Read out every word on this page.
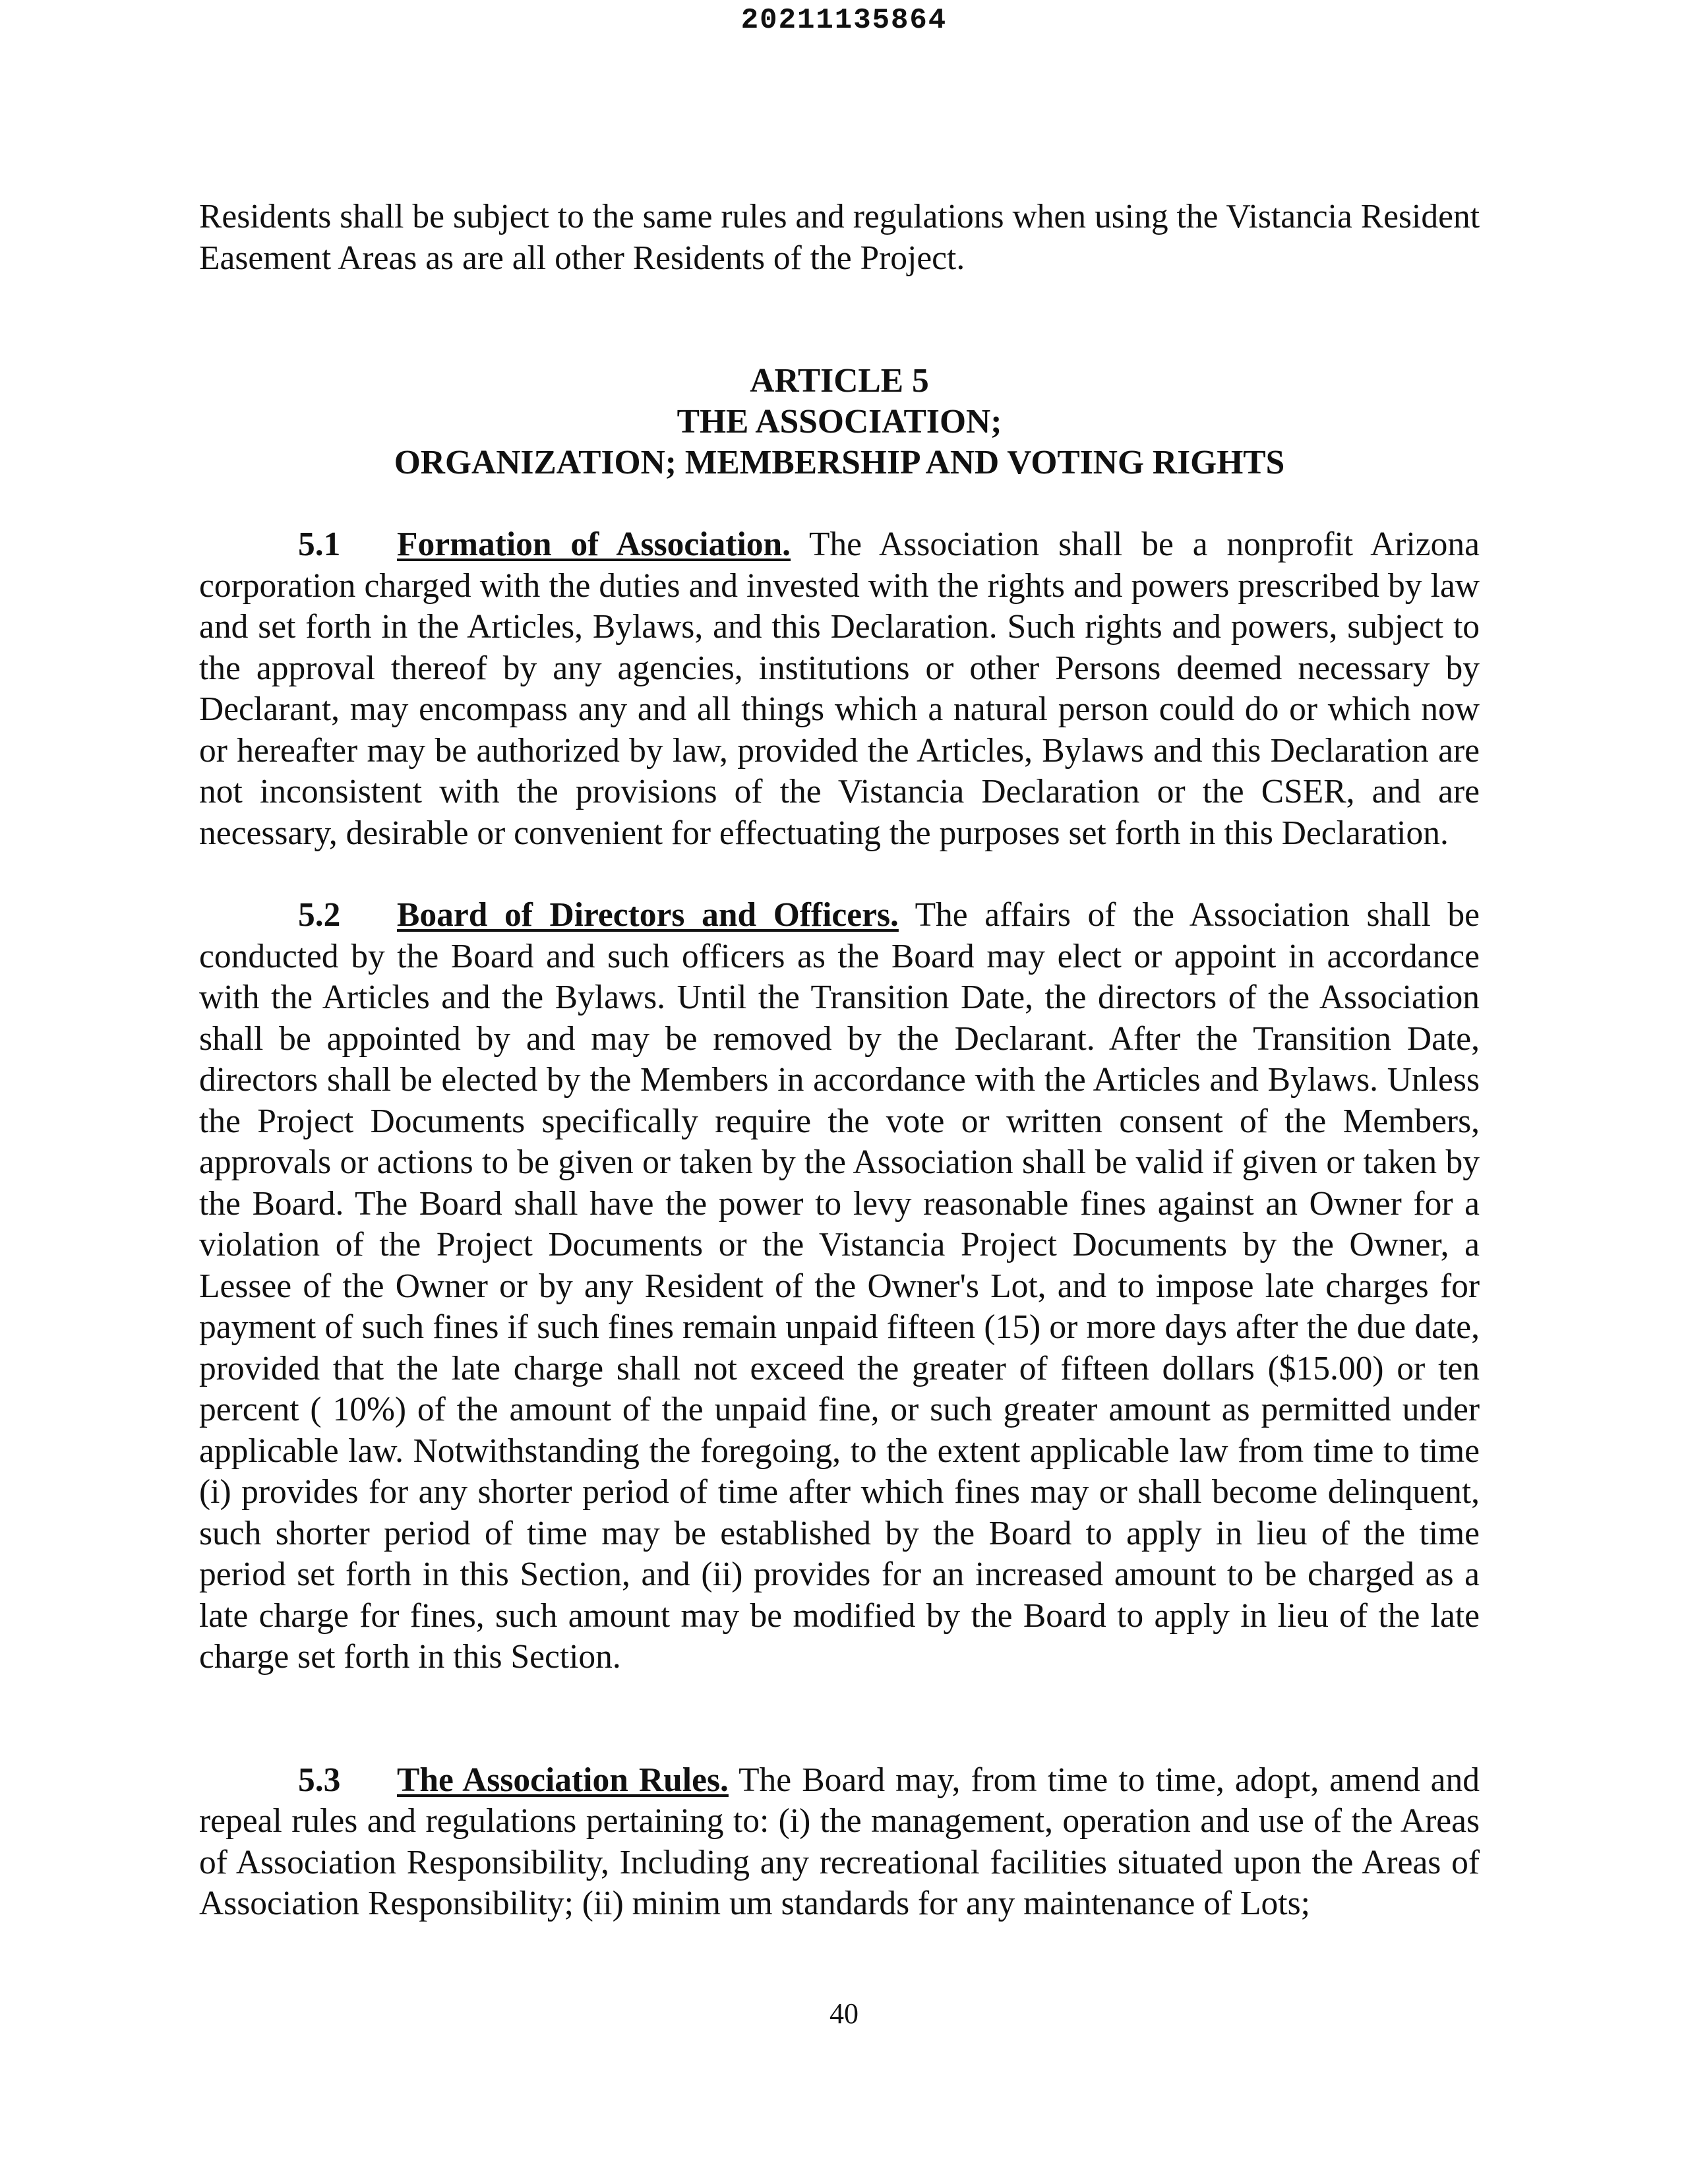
20211135864

Residents shall be subject to the same rules and regulations when using the Vistancia Resident Easement Areas as are all other Residents of the Project.

ARTICLE 5
THE ASSOCIATION;
ORGANIZATION; MEMBERSHIP AND VOTING RIGHTS

5.1 Formation of Association. The Association shall be a nonprofit Arizona corporation charged with the duties and invested with the rights and powers prescribed by law and set forth in the Articles, Bylaws, and this Declaration. Such rights and powers, subject to the approval thereof by any agencies, institutions or other Persons deemed necessary by Declarant, may encompass any and all things which a natural person could do or which now or hereafter may be authorized by law, provided the Articles, Bylaws and this Declaration are not inconsistent with the provisions of the Vistancia Declaration or the CSER, and are necessary, desirable or convenient for effectuating the purposes set forth in this Declaration.

5.2 Board of Directors and Officers. The affairs of the Association shall be conducted by the Board and such officers as the Board may elect or appoint in accordance with the Articles and the Bylaws. Until the Transition Date, the directors of the Association shall be appointed by and may be removed by the Declarant. After the Transition Date, directors shall be elected by the Members in accordance with the Articles and Bylaws. Unless the Project Documents specifically require the vote or written consent of the Members, approvals or actions to be given or taken by the Association shall be valid if given or taken by the Board. The Board shall have the power to levy reasonable fines against an Owner for a violation of the Project Documents or the Vistancia Project Documents by the Owner, a Lessee of the Owner or by any Resident of the Owner's Lot, and to impose late charges for payment of such fines if such fines remain unpaid fifteen (15) or more days after the due date, provided that the late charge shall not exceed the greater of fifteen dollars ($15.00) or ten percent ( 10%) of the amount of the unpaid fine, or such greater amount as permitted under applicable law. Notwithstanding the foregoing, to the extent applicable law from time to time (i) provides for any shorter period of time after which fines may or shall become delinquent, such shorter period of time may be established by the Board to apply in lieu of the time period set forth in this Section, and (ii) provides for an increased amount to be charged as a late charge for fines, such amount may be modified by the Board to apply in lieu of the late charge set forth in this Section.

5.3 The Association Rules. The Board may, from time to time, adopt, amend and repeal rules and regulations pertaining to: (i) the management, operation and use of the Areas of Association Responsibility, Including any recreational facilities situated upon the Areas of Association Responsibility; (ii) minim um standards for any maintenance of Lots;

40
